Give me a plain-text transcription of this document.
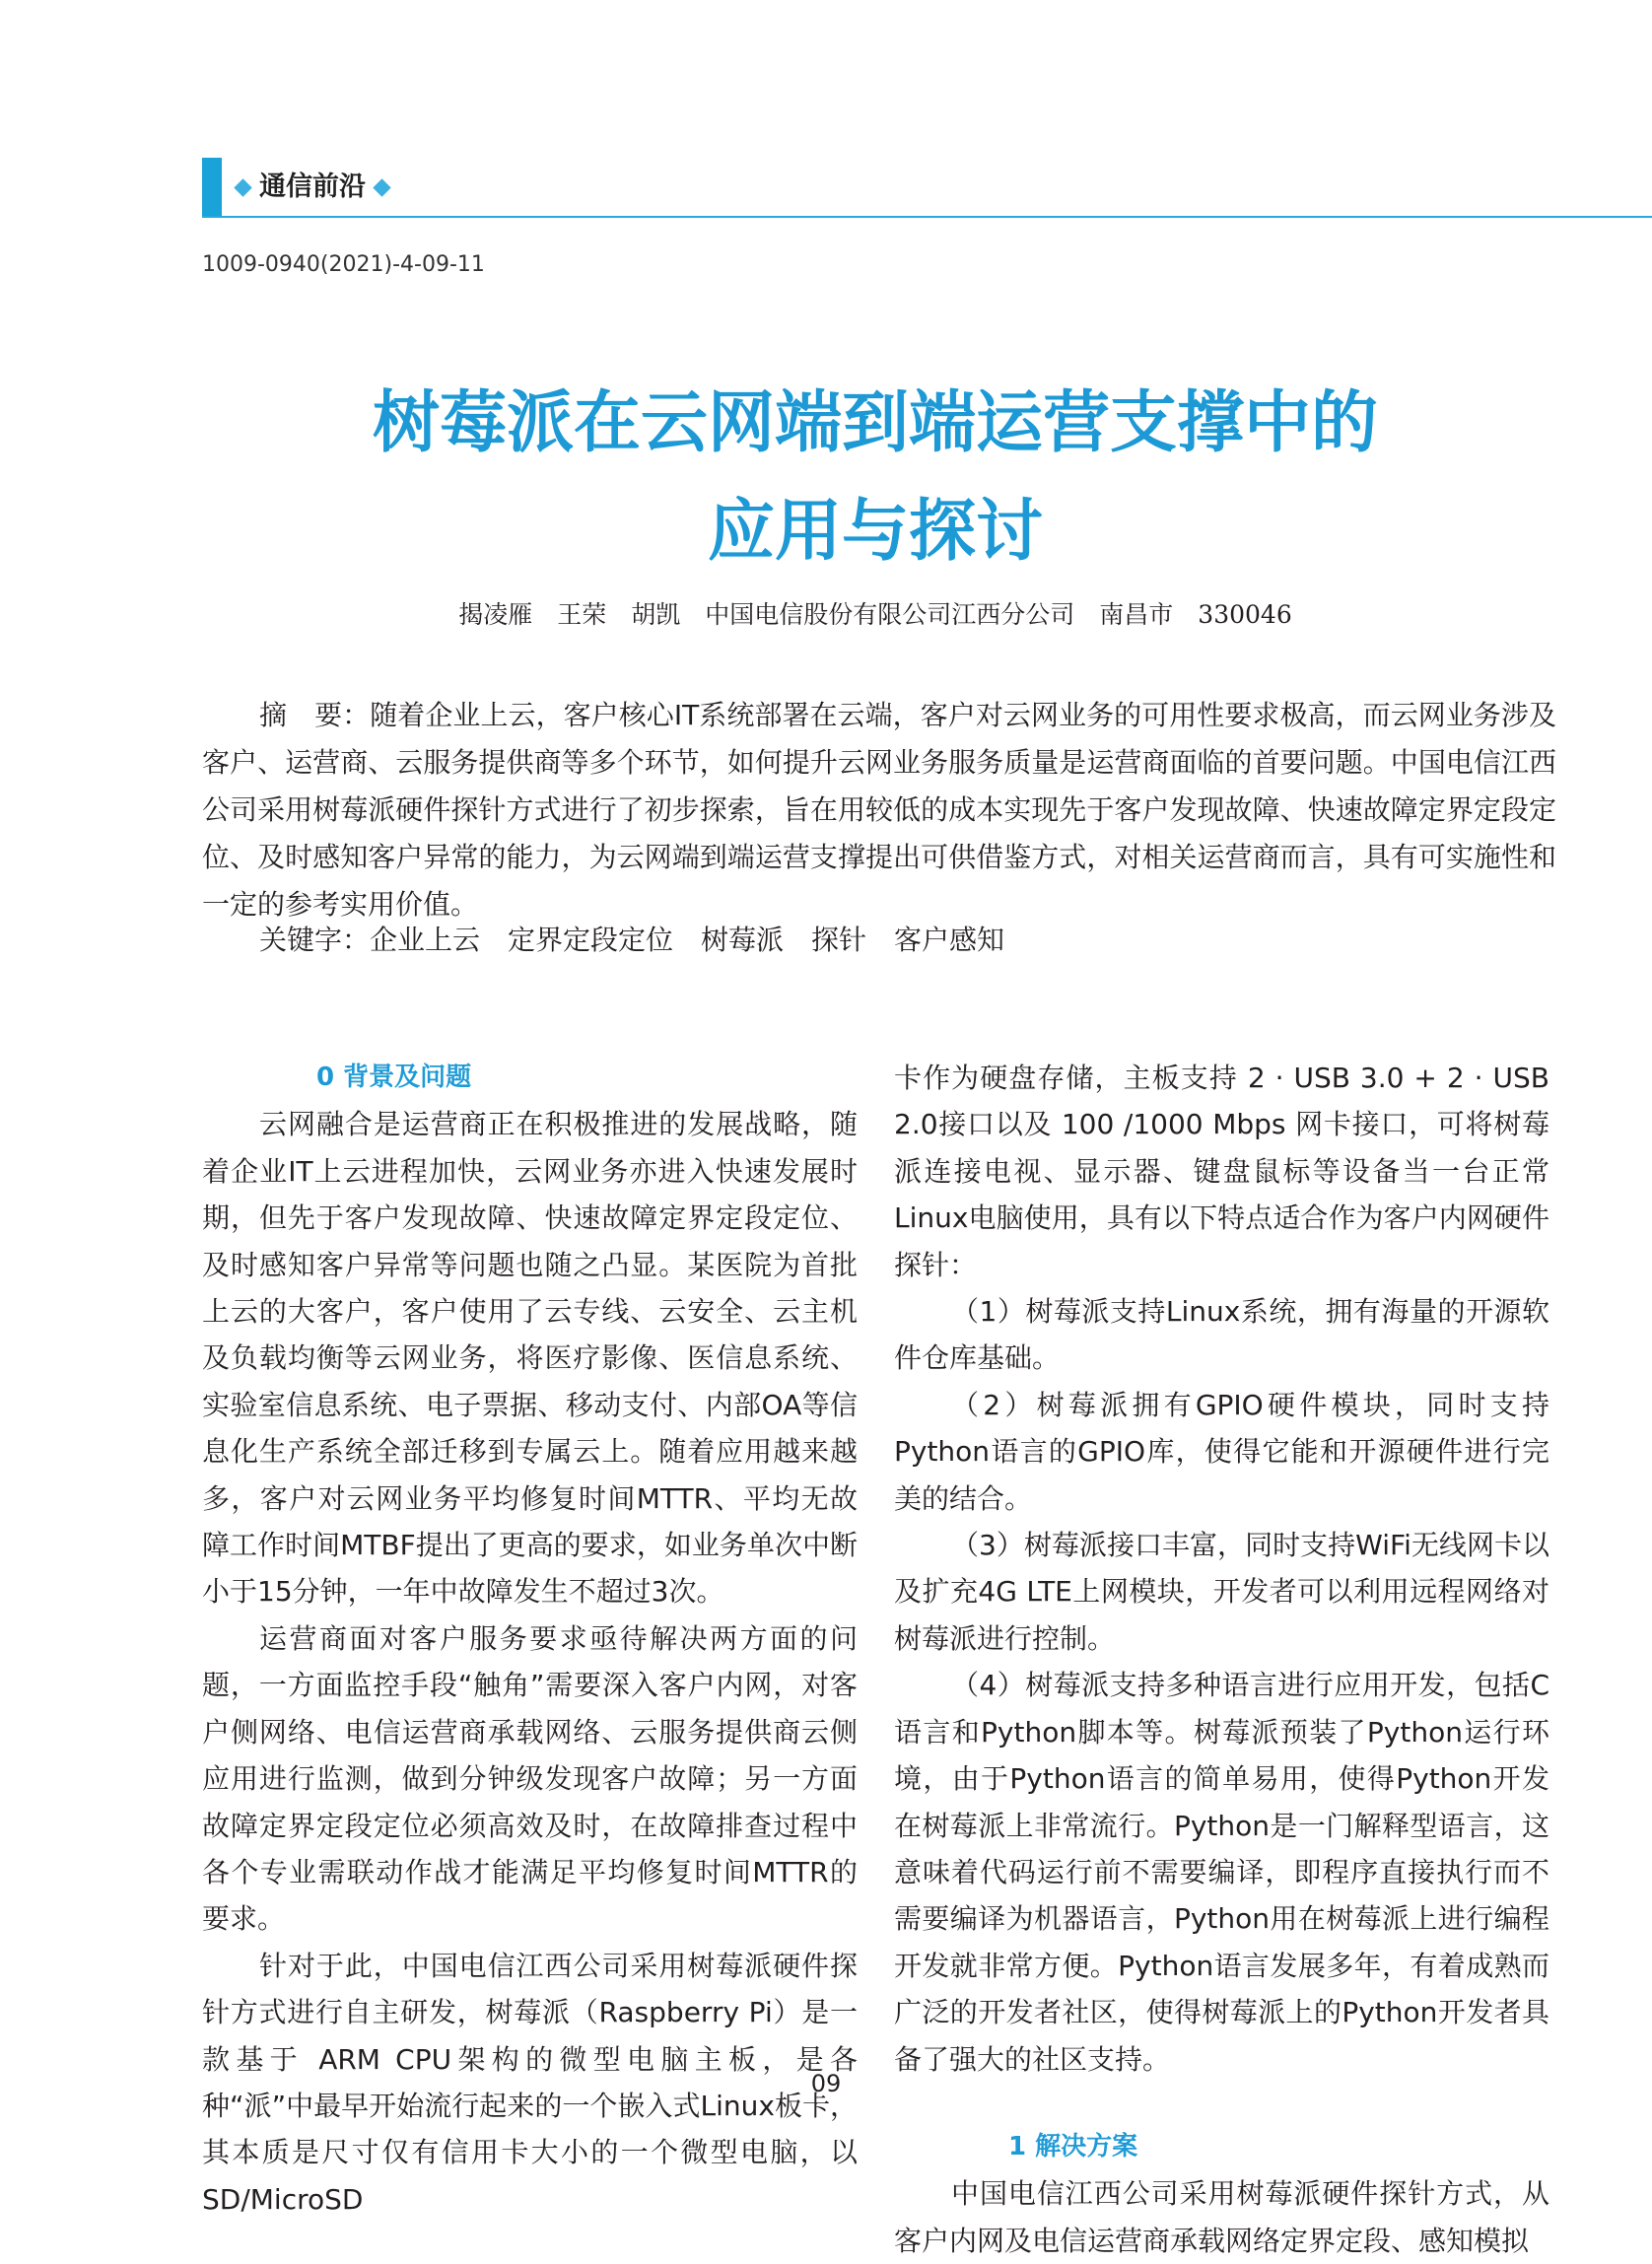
通信前沿
1009-0940(2021)-4-09-11
树莓派在云网端到端运营支撑中的
应用与探讨
揭凌雁　王荣　胡凯　中国电信股份有限公司江西分公司　南昌市　330046

摘　要：随着企业上云，客户核心IT系统部署在云端，客户对云网业务的可用性要求极高，而云网业务涉及客户、运营商、云服务提供商等多个环节，如何提升云网业务服务质量是运营商面临的首要问题。中国电信江西公司采用树莓派硬件探针方式进行了初步探索，旨在用较低的成本实现先于客户发现故障、快速故障定界定段定位、及时感知客户异常的能力，为云网端到端运营支撑提出可供借鉴方式，对相关运营商而言，具有可实施性和一定的参考实用价值。

关键字：企业上云　定界定段定位　树莓派　探针　客户感知

0 背景及问题

云网融合是运营商正在积极推进的发展战略，随着企业IT上云进程加快，云网业务亦进入快速发展时期，但先于客户发现故障、快速故障定界定段定位、及时感知客户异常等问题也随之凸显。某医院为首批上云的大客户，客户使用了云专线、云安全、云主机及负载均衡等云网业务，将医疗影像、医信息系统、实验室信息系统、电子票据、移动支付、内部OA等信息化生产系统全部迁移到专属云上。随着应用越来越多，客户对云网业务平均修复时间MTTR、平均无故障工作时间MTBF提出了更高的要求，如业务单次中断小于15分钟，一年中故障发生不超过3次。

运营商面对客户服务要求亟待解决两方面的问题，一方面监控手段“触角”需要深入客户内网，对客户侧网络、电信运营商承载网络、云服务提供商云侧应用进行监测，做到分钟级发现客户故障；另一方面故障定界定段定位必须高效及时，在故障排查过程中各个专业需联动作战才能满足平均修复时间MTTR的要求。

针对于此，中国电信江西公司采用树莓派硬件探针方式进行自主研发，树莓派（Raspberry Pi）是一款基于 ARM CPU架构的微型电脑主板，是各种“派”中最早开始流行起来的一个嵌入式Linux板卡，其本质是尺寸仅有信用卡大小的一个微型电脑，以SD/MicroSD

卡作为硬盘存储，主板支持 2 · USB 3.0 + 2 · USB 2.0接口以及 100 /1000 Mbps 网卡接口，可将树莓派连接电视、显示器、键盘鼠标等设备当一台正常Linux电脑使用，具有以下特点适合作为客户内网硬件探针：

（1）树莓派支持Linux系统，拥有海量的开源软件仓库基础。

（2）树莓派拥有GPIO硬件模块，同时支持Python语言的GPIO库，使得它能和开源硬件进行完美的结合。

（3）树莓派接口丰富，同时支持WiFi无线网卡以及扩充4G LTE上网模块，开发者可以利用远程网络对树莓派进行控制。

（4）树莓派支持多种语言进行应用开发，包括C语言和Python脚本等。树莓派预装了Python运行环境，由于Python语言的简单易用，使得Python开发在树莓派上非常流行。Python是一门解释型语言，这意味着代码运行前不需要编译，即程序直接执行而不需要编译为机器语言，Python用在树莓派上进行编程开发就非常方便。Python语言发展多年，有着成熟而广泛的开发者社区，使得树莓派上的Python开发者具备了强大的社区支持。

1 解决方案

中国电信江西公司采用树莓派硬件探针方式，从客户内网及电信运营商承载网络定界定段、感知模拟

09
